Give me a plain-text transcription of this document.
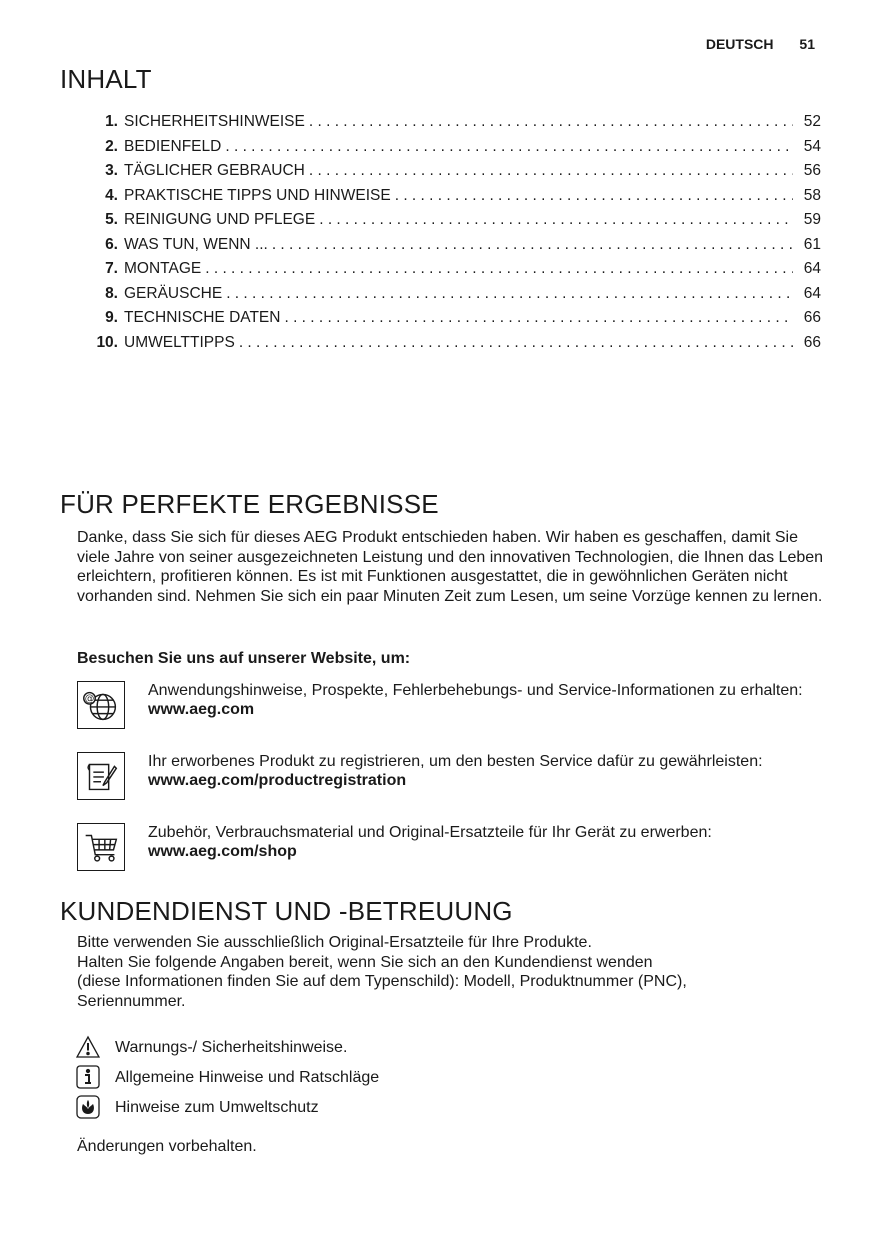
DEUTSCH 51
INHALT
1. SICHERHEITSHINWEISE . . .	52
2. BEDIENFELD . . .	54
3. TÄGLICHER GEBRAUCH . . .	56
4. PRAKTISCHE TIPPS UND HINWEISE . . .	58
5. REINIGUNG UND PFLEGE . . .	59
6. WAS TUN, WENN ... . . .	61
7. MONTAGE . . .	64
8. GERÄUSCHE . . .	64
9. TECHNISCHE DATEN . . .	66
10. UMWELTTIPPS . . .	66
FÜR PERFEKTE ERGEBNISSE
Danke, dass Sie sich für dieses AEG Produkt entschieden haben. Wir haben es geschaffen, damit Sie viele Jahre von seiner ausgezeichneten Leistung und den innovativen Technologien, die Ihnen das Leben erleichtern, profitieren können. Es ist mit Funktionen ausgestattet, die in gewöhnlichen Geräten nicht vorhanden sind. Nehmen Sie sich ein paar Minuten Zeit zum Lesen, um seine Vorzüge kennen zu lernen.
Besuchen Sie uns auf unserer Website, um:
@
Anwendungshinweise, Prospekte, Fehlerbehebungs- und Service-Informationen zu erhalten:
www.aeg.com
Ihr erworbenes Produkt zu registrieren, um den besten Service dafür zu gewährleisten:
www.aeg.com/productregistration
Zubehör, Verbrauchsmaterial und Original-Ersatzteile für Ihr Gerät zu erwerben:
www.aeg.com/shop
KUNDENDIENST UND -BETREUUNG
Bitte verwenden Sie ausschließlich Original-Ersatzteile für Ihre Produkte.
Halten Sie folgende Angaben bereit, wenn Sie sich an den Kundendienst wenden
(diese Informationen finden Sie auf dem Typenschild): Modell, Produktnummer (PNC),
Seriennummer.
Warnungs-/ Sicherheitshinweise.
Allgemeine Hinweise und Ratschläge
Hinweise zum Umweltschutz
Änderungen vorbehalten.
